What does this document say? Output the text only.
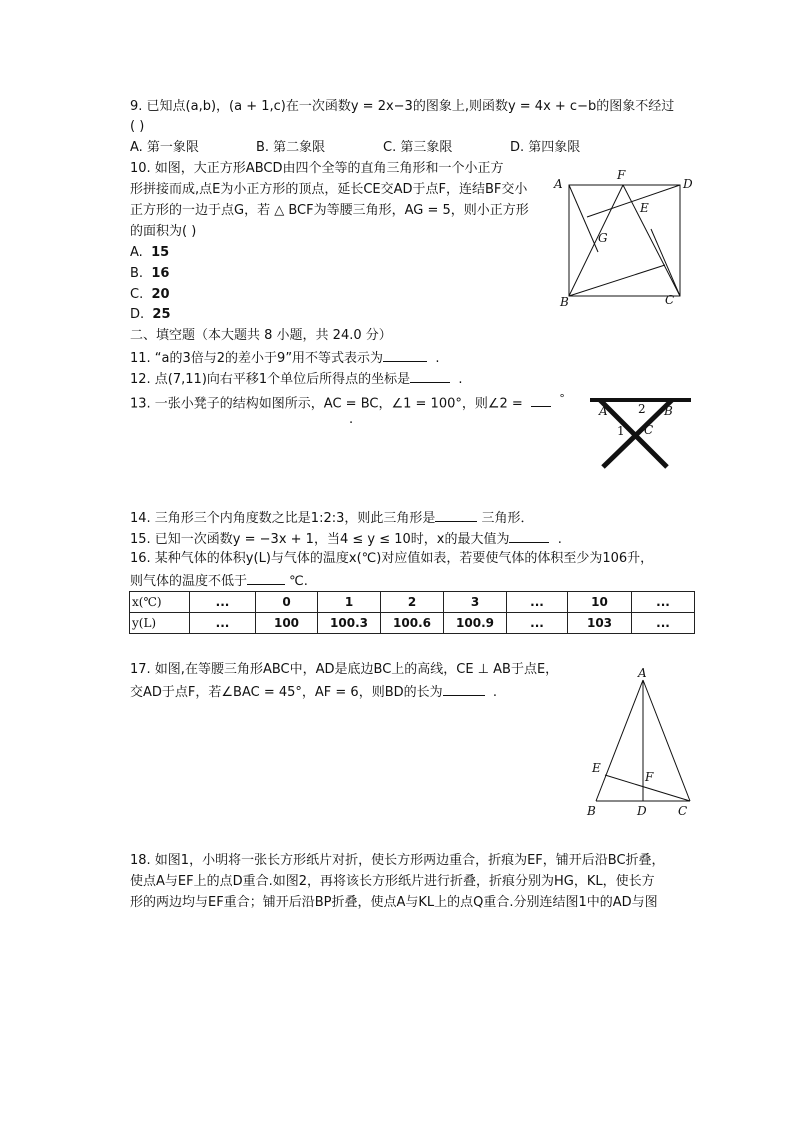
9. 已知点(a,b)，(a + 1,c)在一次函数y = 2x−3的图象上,则函数y = 4x + c−b的图象不经过
( )
A. 第一象限	B. 第二象限	C. 第三象限	D. 第四象限
10. 如图，大正方形ABCD由四个全等的直角三角形和一个小正方
形拼接而成,点E为小正方形的顶点，延长CE交AD于点F，连结BF交小
正方形的一边于点G，若 △ BCF为等腰三角形，AG = 5，则小正方形
的面积为( )
A. 15
B. 16
C. 20
D. 25
A
F
D
E
G
B	C
二、填空题（本大题共 8 小题，共 24.0 分）
11. “a的3倍与2的差小于9”用不等式表示为	.
12. 点(7,11)向右平移1个单位后所得点的坐标是	.
13. 一张小凳子的结构如图所示，AC = BC，∠1 = 100°，则∠2 =	°
.
A	2 B
1 C
14. 三角形三个内角度数之比是1:2:3，则此三角形是	三角形．
15. 已知一次函数y = −3x + 1，当4 ≤ y ≤ 10时，x的最大值为	.
16. 某种气体的体积y(L)与气体的温度x(℃)对应值如表，若要使气体的体积至少为106升，
则气体的温度不低于	℃.
x(℃)	...	0	1	2	3	...	10	...
y(L)	...	100	100.3	100.6	100.9	...	103	...
17. 如图,在等腰三角形ABC中，AD是底边BC上的高线，CE ⊥ AB于点E，
交AD于点F，若∠BAC = 45°，AF = 6，则BD的长为	.
A
E
F
B	D	C
18. 如图1，小明将一张长方形纸片对折，使长方形两边重合，折痕为EF，铺开后沿BC折叠，
使点A与EF上的点D重合.如图2，再将该长方形纸片进行折叠，折痕分别为HG，KL，使长方
形的两边均与EF重合；铺开后沿BP折叠，使点A与KL上的点Q重合.分别连结图1中的AD与图
